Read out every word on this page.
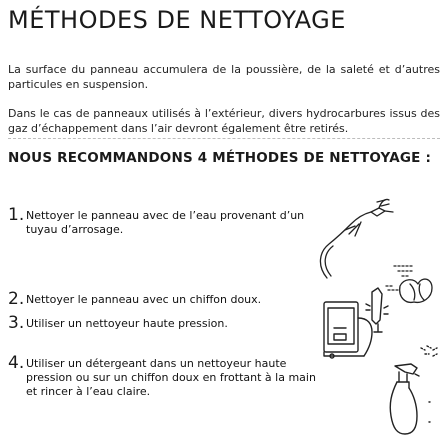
MÉTHODES DE NETTOYAGE

La surface du panneau accumulera de la poussière, de la saleté et d’autres particules en suspension.

Dans le cas de panneaux utilisés à l’extérieur, divers hydrocarbures issus des gaz d’échappement dans l’air devront également être retirés.

NOUS RECOMMANDONS 4 MÉTHODES DE NETTOYAGE :
1. Nettoyer le panneau avec de l’eau provenant d’un tuyau d’arrosage.
2. Nettoyer le panneau avec un chiffon doux.
3. Utiliser un nettoyeur haute pression.
4. Utiliser un détergeant dans un nettoyeur haute pression ou sur un chiffon doux en frottant à la main et rincer à l’eau claire.
